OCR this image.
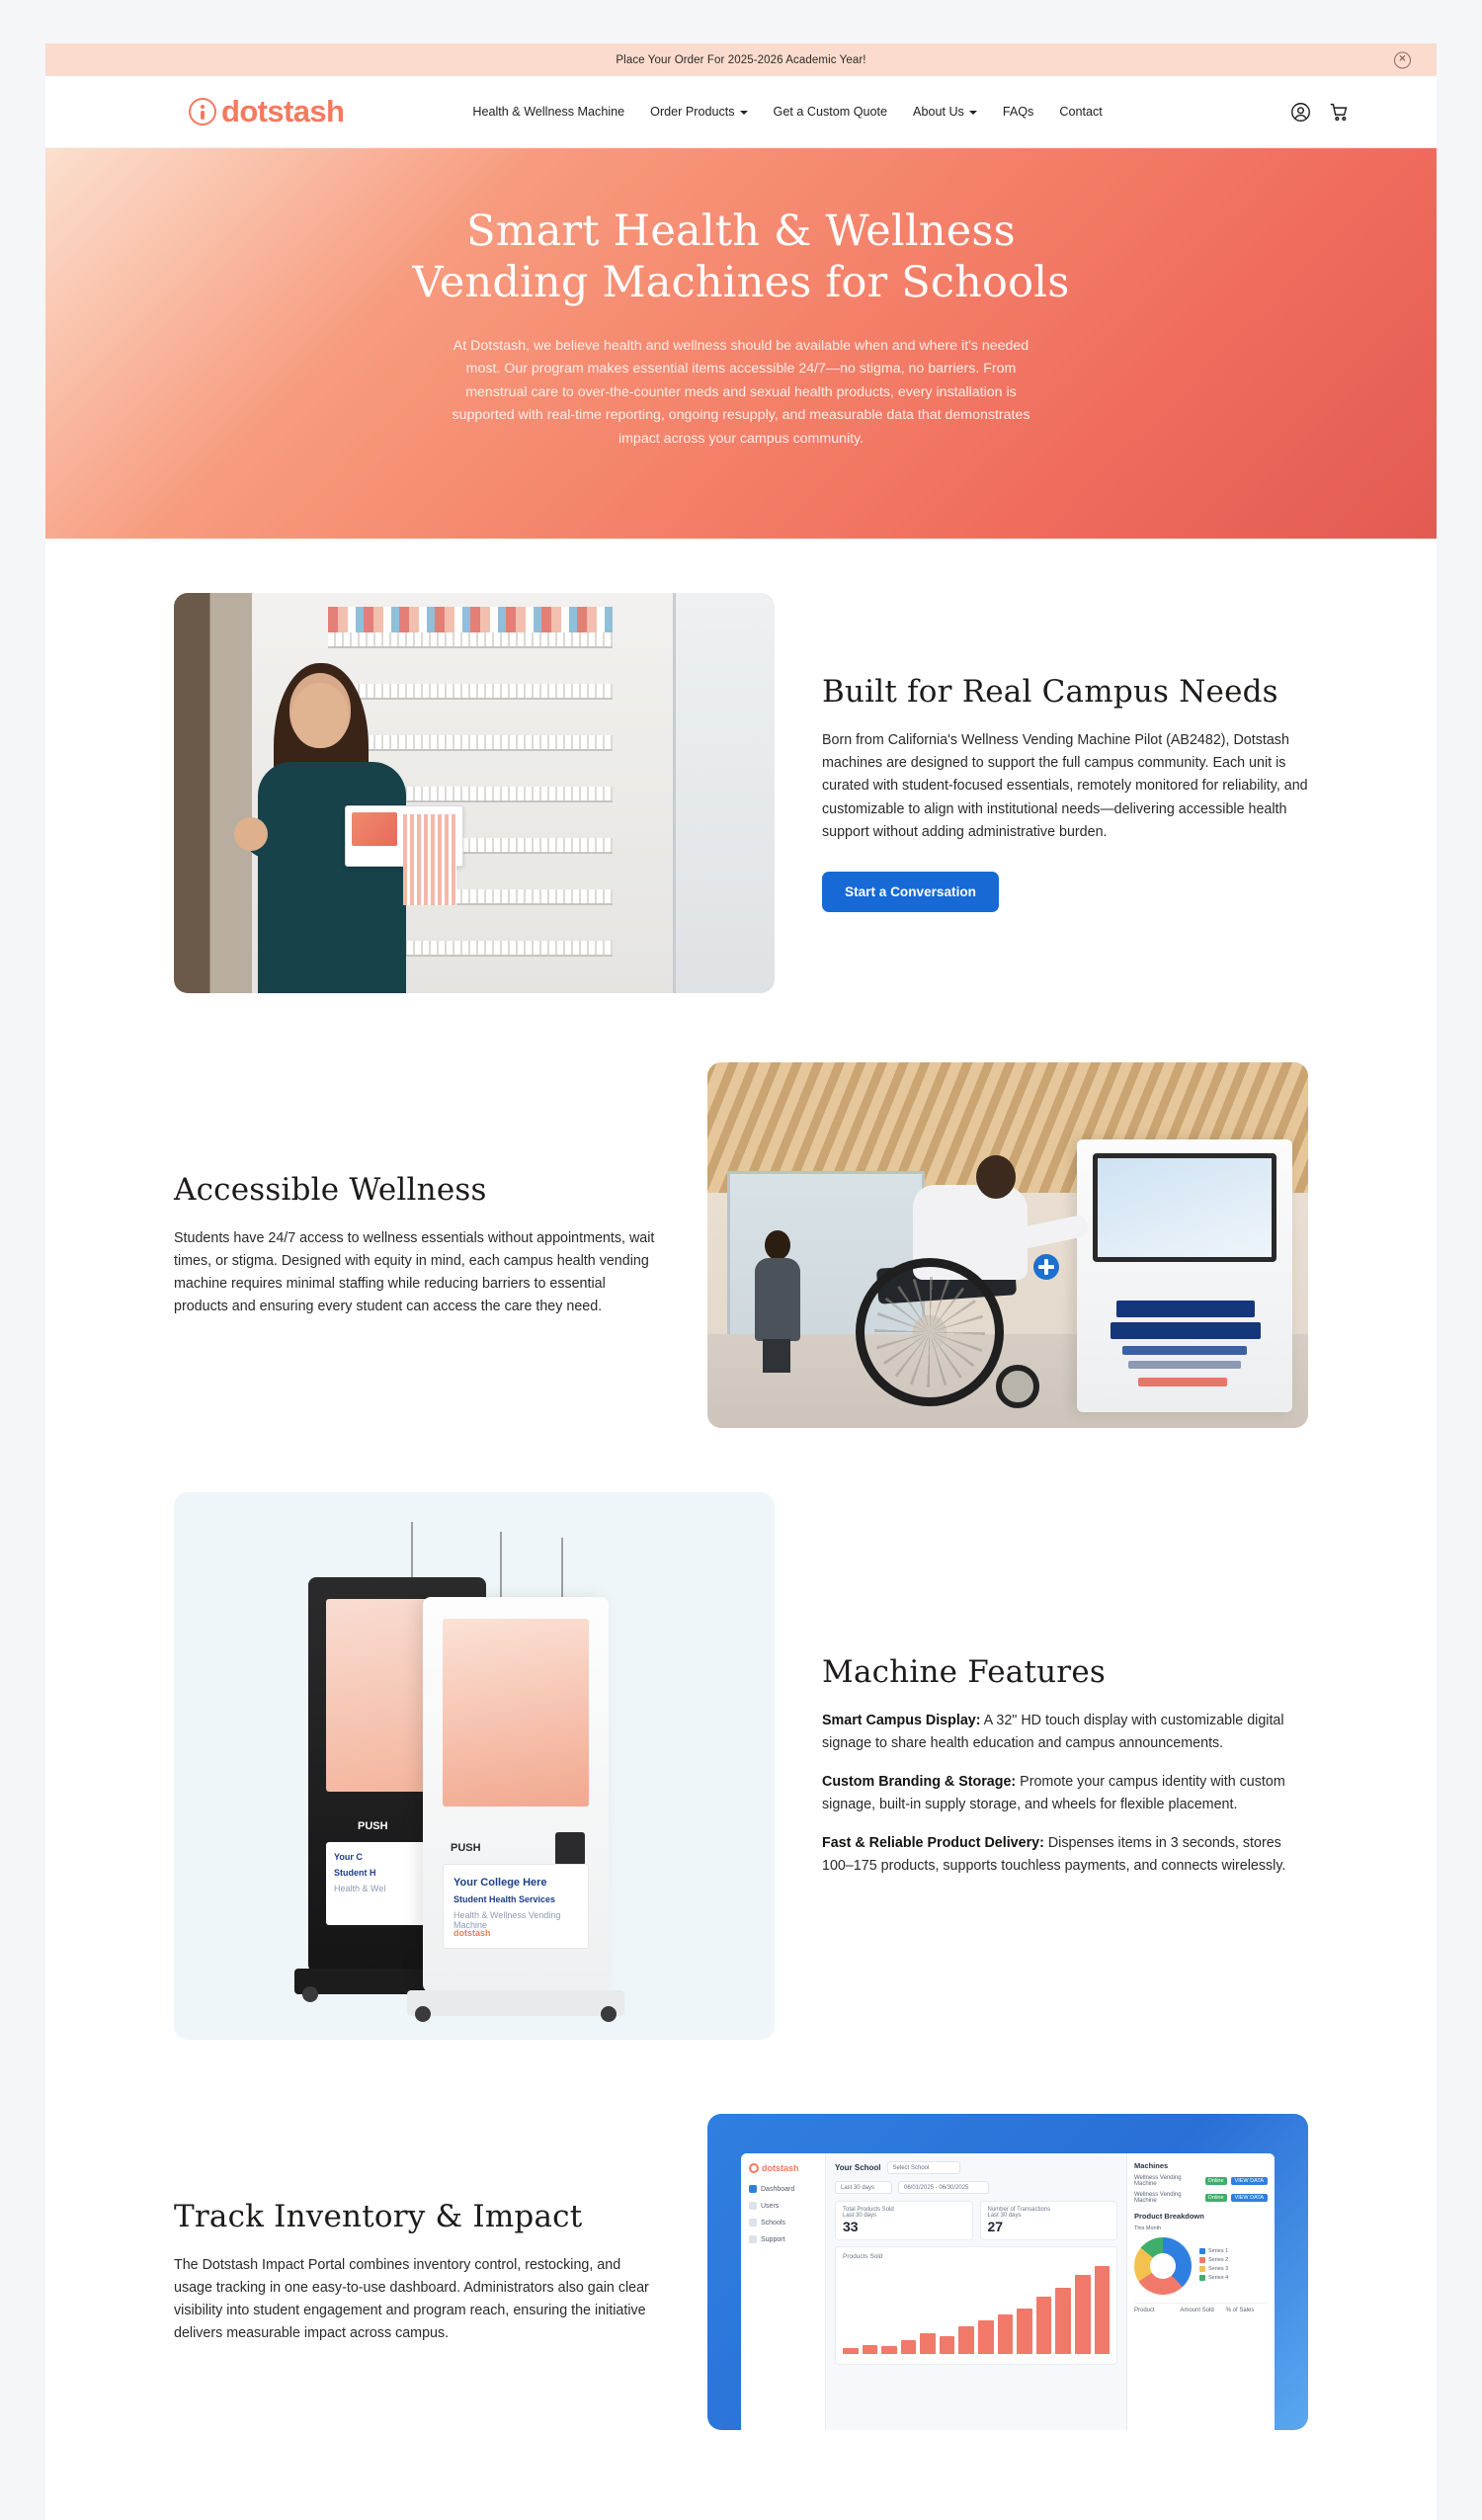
Place Your Order For 2025-2026 Academic Year!	✕
dotstash	Health & Wellness Machine Order Products	Get a Custom Quote About Us	FAQs Contact
Smart Health & Wellness
Vending Machines for Schools

At Dotstash, we believe health and wellness should be available when and where it's needed most. Our program makes essential items accessible 24/7—no stigma, no barriers. From menstrual care to over-the-counter meds and sexual health products, every installation is supported with real-time reporting, ongoing resupply, and measurable data that demonstrates impact across your campus community.

Built for Real Campus Needs

Born from California's Wellness Vending Machine Pilot (AB2482), Dotstash machines are designed to support the full campus community. Each unit is curated with student-focused essentials, remotely monitored for reliability, and customizable to align with institutional needs—delivering accessible health support without adding administrative burden.

Start a Conversation
Accessible Wellness

Students have 24/7 access to wellness essentials without appointments, wait times, or stigma. Designed with equity in mind, each campus health vending machine requires minimal staffing while reducing barriers to essential products and ensuring every student can access the care they need.

PUSH
Your C
Student H
Health & Wel
PUSH
Your College Here
Student Health Services
Health & Wellness Vending Machine
dotstash
Machine Features

Smart Campus Display: A 32" HD touch display with customizable digital signage to share health education and campus announcements.

Custom Branding & Storage: Promote your campus identity with custom signage, built-in supply storage, and wheels for flexible placement.

Fast & Reliable Product Delivery: Dispenses items in 3 seconds, stores 100–175 products, supports touchless payments, and connects wirelessly.

Track Inventory & Impact

The Dotstash Impact Portal combines inventory control, restocking, and usage tracking in one easy-to-use dashboard. Administrators also gain clear visibility into student engagement and program reach, ensuring the initiative delivers measurable impact across campus.

dotstash
Dashboard
Users
Schools
Support
Your School	Select School
Last 30 days	06/01/2025 - 06/30/2025
Total Products Sold
Last 30 days
33
Number of Transactions
Last 30 days
27
Products Sold
Machines
Wellness Vending Machine	Online	VIEW DATA
Wellness Vending Machine	Online	VIEW DATA
Product Breakdown
This Month
Series 1
Series 2
Series 3
Series 4
Product	Amount Sold	% of Sales
